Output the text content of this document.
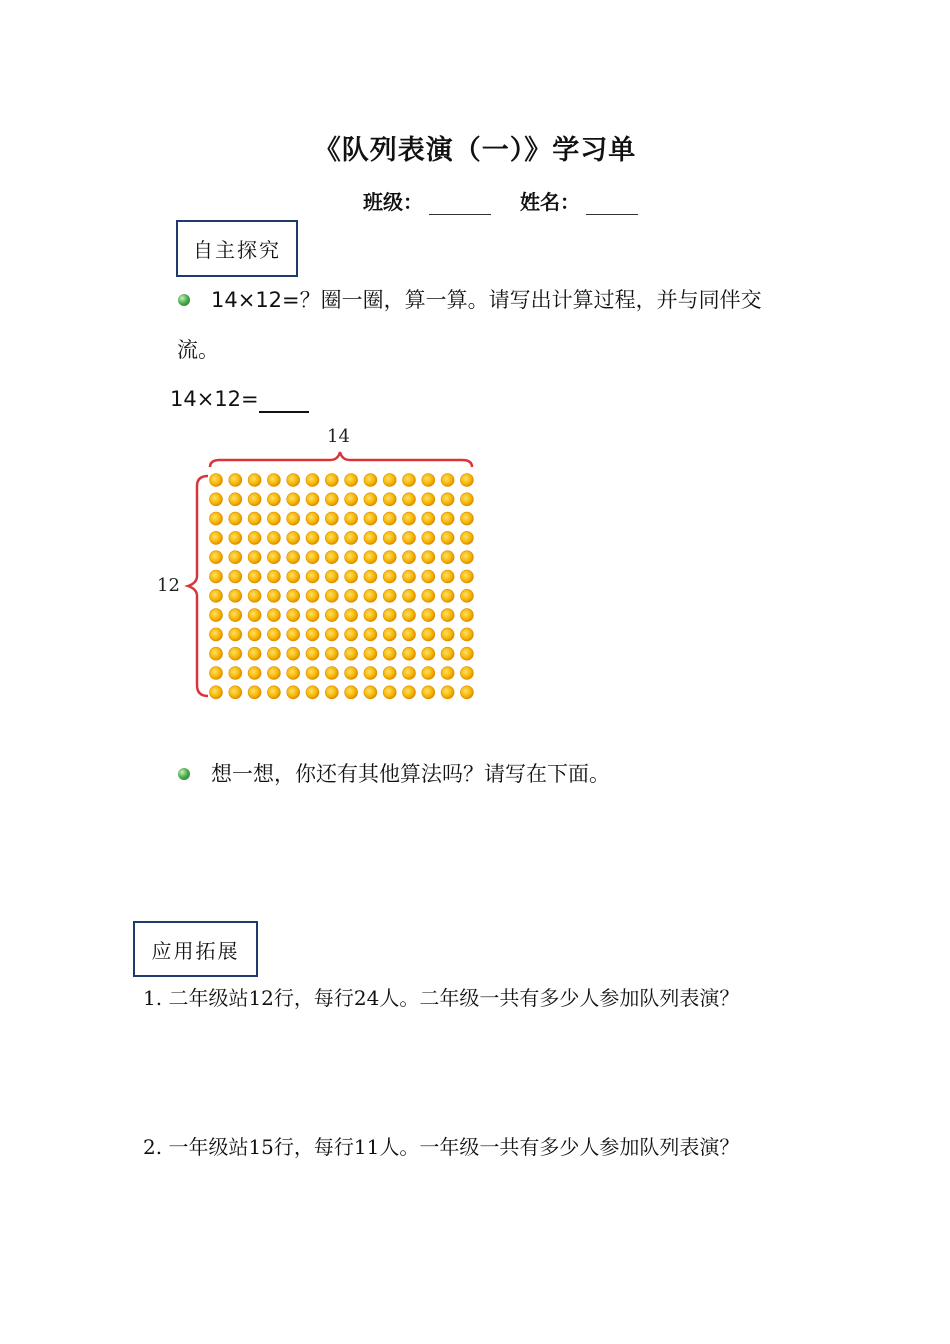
《队列表演（一）》学习单
班级：	姓名：
自主探究
14×12=？圈一圈，算一算。请写出计算过程，并与同伴交
流。
14×12=
14
12
想一想，你还有其他算法吗？请写在下面。
应用拓展
1. 二年级站12行，每行24人。二年级一共有多少人参加队列表演？
2. 一年级站15行，每行11人。一年级一共有多少人参加队列表演？
